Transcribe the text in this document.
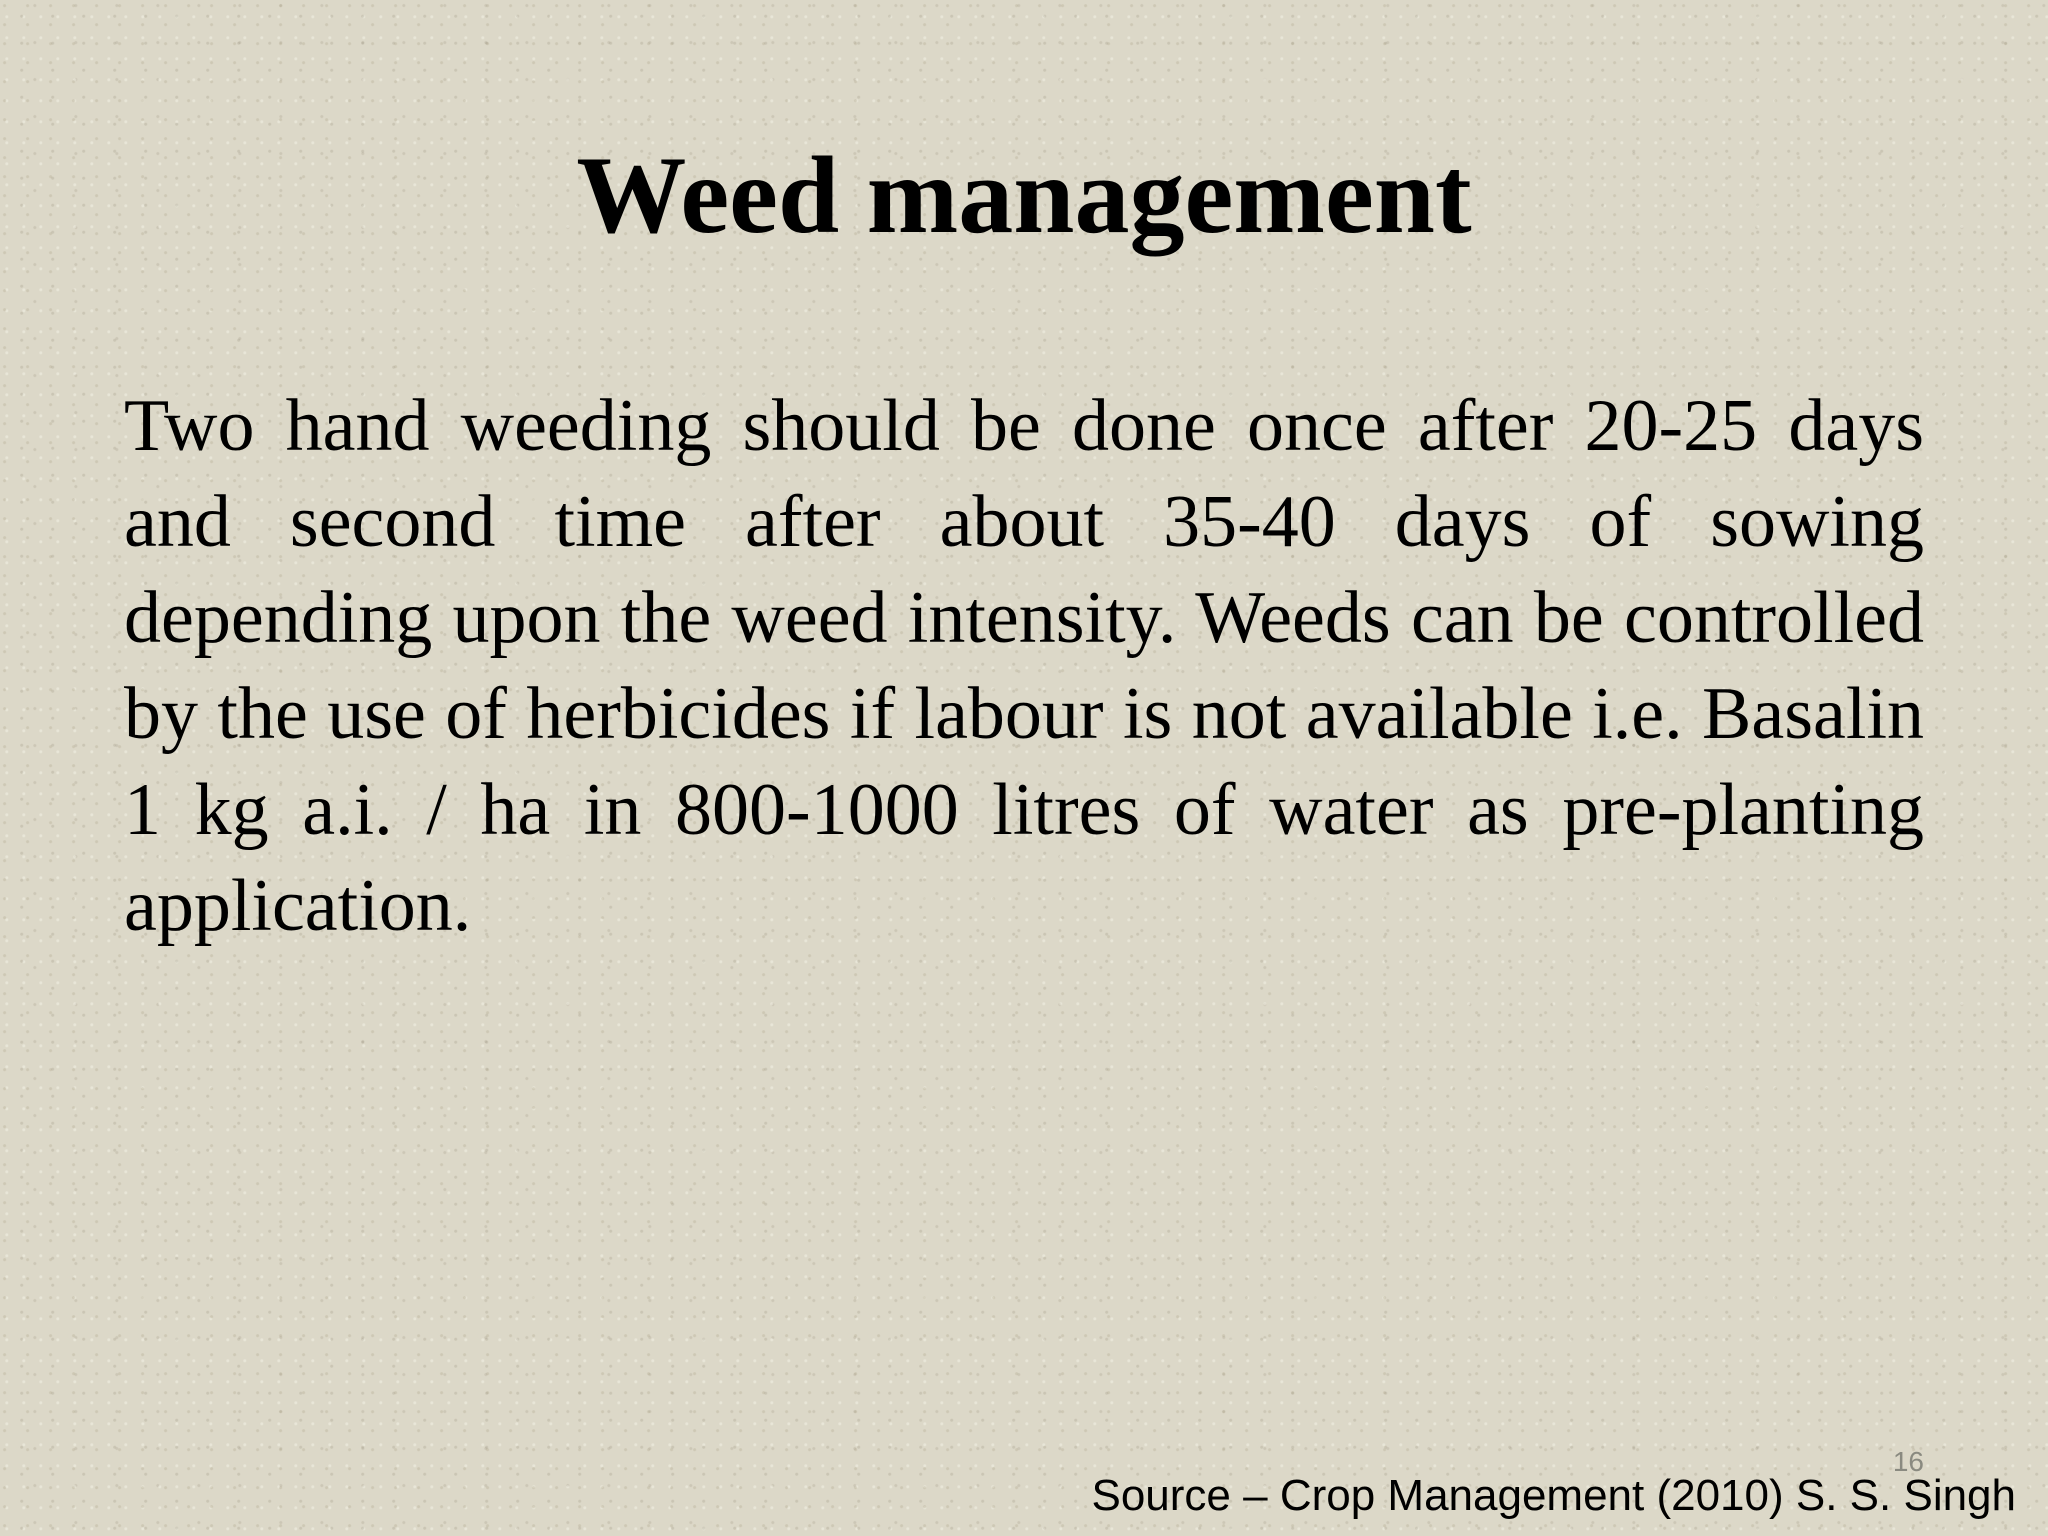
Weed management

Two hand weeding should be done once after 20-25 days and second time after about 35-40 days of sowing depending upon the weed intensity. Weeds can be controlled by the use of herbicides if labour is not available i.e. Basalin 1 kg a.i. / ha in 800-1000 litres of water as pre-planting application.

16
Source – Crop Management (2010) S. S. Singh
